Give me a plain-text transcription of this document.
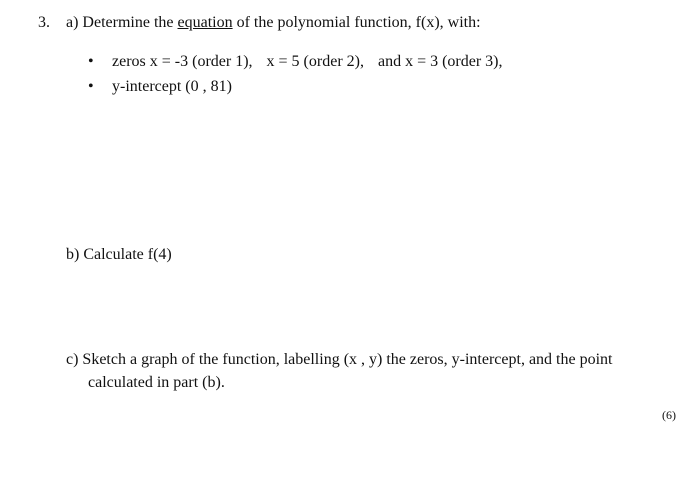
3. a) Determine the equation of the polynomial function, f(x), with:
• zeros x = -3 (order 1), x = 5 (order 2), and x = 3 (order 3),
• y-intercept (0 , 81)
b) Calculate f(4)
c) Sketch a graph of the function, labelling (x , y) the zeros, y-intercept, and the point
calculated in part (b).
(6)
